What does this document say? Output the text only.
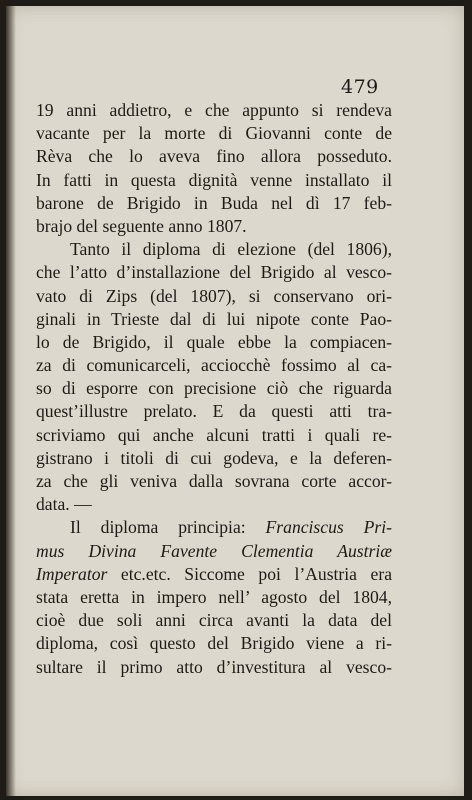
479
19 anni addietro, e che appunto si rendeva
vacante per la morte di Giovanni conte de
Rèva che lo aveva fino allora posseduto.
In fatti in questa dignità venne installato il
barone de Brigido in Buda nel dì 17 feb-
brajo del seguente anno 1807.
Tanto il diploma di elezione (del 1806),
che l’atto d’installazione del Brigido al vesco-
vato di Zips (del 1807), si conservano ori-
ginali in Trieste dal di lui nipote conte Pao-
lo de Brigido, il quale ebbe la compiacen-
za di comunicarceli, acciocchè fossimo al ca-
so di esporre con precisione ciò che riguarda
quest’illustre prelato. E da questi atti tra-
scriviamo qui anche alcuni tratti i quali re-
gistrano i titoli di cui godeva, e la deferen-
za che gli veniva dalla sovrana corte accor-
data. —
Il diploma principia: Franciscus Pri-
mus Divina Favente Clementia Austriæ
Imperator etc.etc. Siccome poi l’Austria era
stata eretta in impero nell’ agosto del 1804,
cioè due soli anni circa avanti la data del
diploma, così questo del Brigido viene a ri-
sultare il primo atto d’investitura al vesco-
